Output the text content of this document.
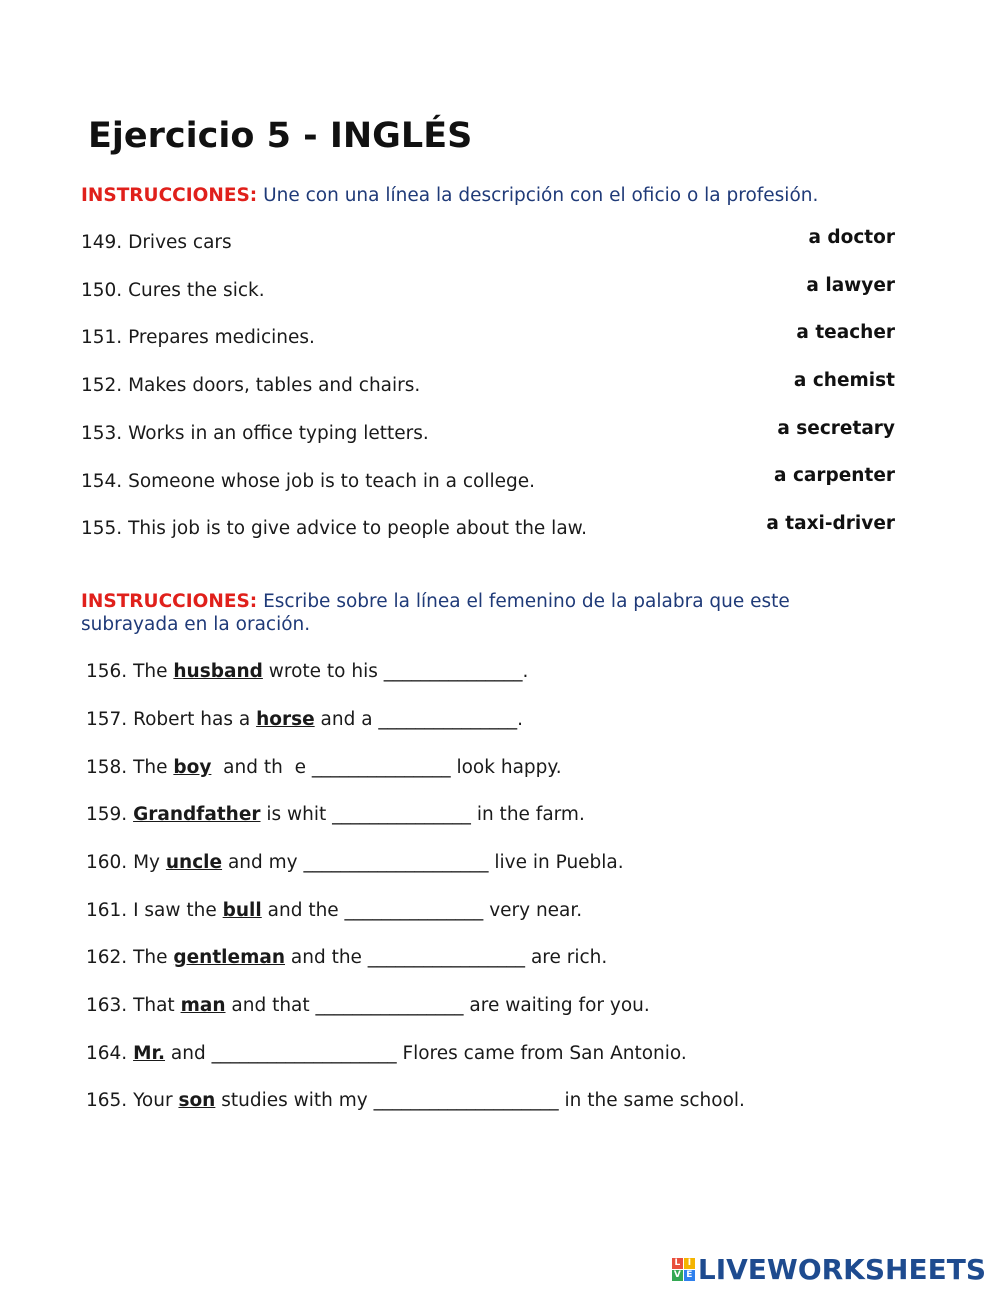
Ejercicio 5 - INGLÉS
INSTRUCCIONES: Une con una línea la descripción con el oficio o la profesión.
149. Drives cars
150. Cures the sick.
151. Prepares medicines.
152. Makes doors, tables and chairs.
153. Works in an office typing letters.
154. Someone whose job is to teach in a college.
155. This job is to give advice to people about the law.
a doctor
a lawyer
a teacher
a chemist
a secretary
a carpenter
a taxi-driver
INSTRUCCIONES: Escribe sobre la línea el femenino de la palabra que este subrayada en la oración.
156. The husband wrote to his _______________.
157. Robert has a horse and a _______________.
158. The boy  and th  e _______________ look happy.
159. Grandfather is whit _______________ in the farm.
160. My uncle and my ____________________ live in Puebla.
161. I saw the bull and the _______________ very near.
162. The gentleman and the _________________ are rich.
163. That man and that ________________ are waiting for you.
164. Mr. and ____________________ Flores came from San Antonio.
165. Your son studies with my ____________________ in the same school.
L I
V E LIVEWORKSHEETS
